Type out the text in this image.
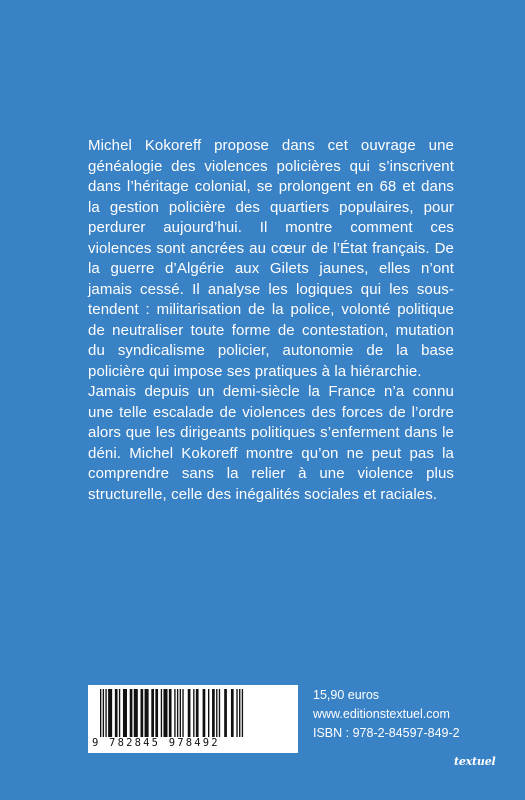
Michel Kokoreff propose dans cet ouvrage une généalogie des violences policières qui s’inscrivent dans l’héritage colonial, se prolongent en 68 et dans la gestion policière des quartiers populaires, pour perdurer aujourd’hui. Il montre comment ces violences sont ancrées au cœur de l’État français. De la guerre d’Algérie aux Gilets jaunes, elles n’ont jamais cessé. Il analyse les logiques qui les sous-tendent : militarisation de la police, volonté politique de neutraliser toute forme de contestation, mutation du syndicalisme policier, autonomie de la base policière qui impose ses pratiques à la hiérarchie.

Jamais depuis un demi-siècle la France n’a connu une telle escalade de violences des forces de l’ordre alors que les dirigeants politiques s’enferment dans le déni. Michel Kokoreff montre qu’on ne peut pas la comprendre sans la relier à une violence plus structurelle, celle des inégalités sociales et raciales.

9 782845 978492
15,90 euros
www.editionstextuel.com
ISBN : 978-2-84597-849-2
textuel
